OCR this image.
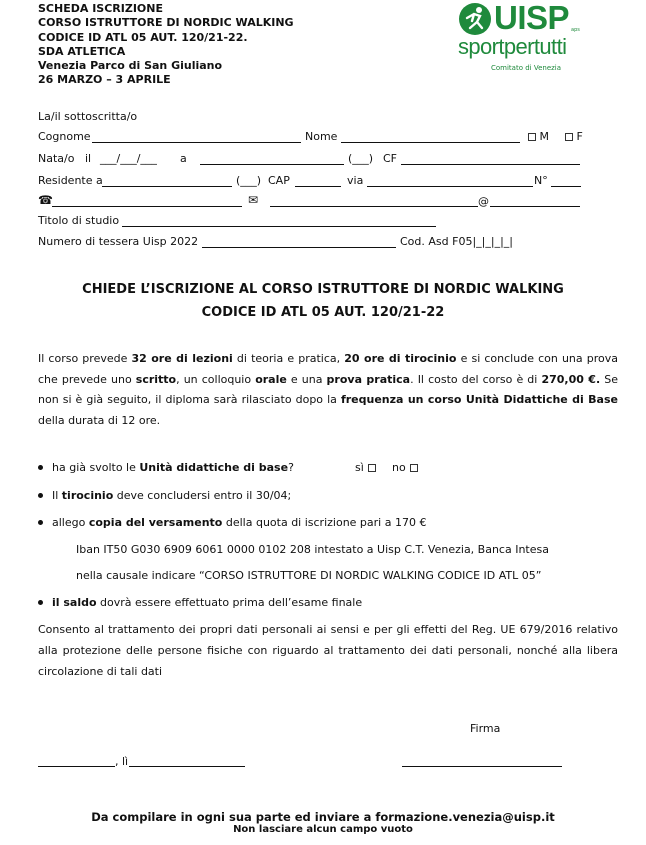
SCHEDA ISCRIZIONE
CORSO ISTRUTTORE DI NORDIC WALKING
CODICE ID ATL 05 AUT. 120/21-22.
SDA ATLETICA
Venezia Parco di San Giuliano
26 MARZO – 3 APRILE
UISP aps
sportpertutti
Comitato di Venezia
La/il sottoscritta/o
Cognome	Nome	M	F
Nata/o il ___/___/___ a	(___) CF
Residente a	(___) CAP	via	N°
☎	✉	@
Titolo di studio
Numero di tessera Uisp 2022	Cod. Asd F05|_|_|_|_|
CHIEDE L’ISCRIZIONE AL CORSO ISTRUTTORE DI NORDIC WALKING
CODICE ID ATL 05 AUT. 120/21-22
Il corso prevede 32 ore di lezioni di teoria e pratica, 20 ore di tirocinio e si conclude con una prova che prevede uno scritto, un colloquio orale e una prova pratica. Il costo del corso è di 270,00 €. Se non si è già seguito, il diploma sarà rilasciato dopo la frequenza un corso Unità Didattiche di Base della durata di 12 ore.
ha già svolto le Unità didattiche di base?	sì	no
Il tirocinio deve concludersi entro il 30/04;
allego copia del versamento della quota di iscrizione pari a 170 €
Iban IT50 G030 6909 6061 0000 0102 208 intestato a Uisp C.T. Venezia, Banca Intesa
nella causale indicare “CORSO ISTRUTTORE DI NORDIC WALKING CODICE ID ATL 05”
il saldo dovrà essere effettuato prima dell’esame finale
Consento al trattamento dei propri dati personali ai sensi e per gli effetti del Reg. UE 679/2016 relativo alla protezione delle persone fisiche con riguardo al trattamento dei dati personali, nonché alla libera circolazione di tali dati
Firma
, lì
Da compilare in ogni sua parte ed inviare a formazione.venezia@uisp.it
Non lasciare alcun campo vuoto
